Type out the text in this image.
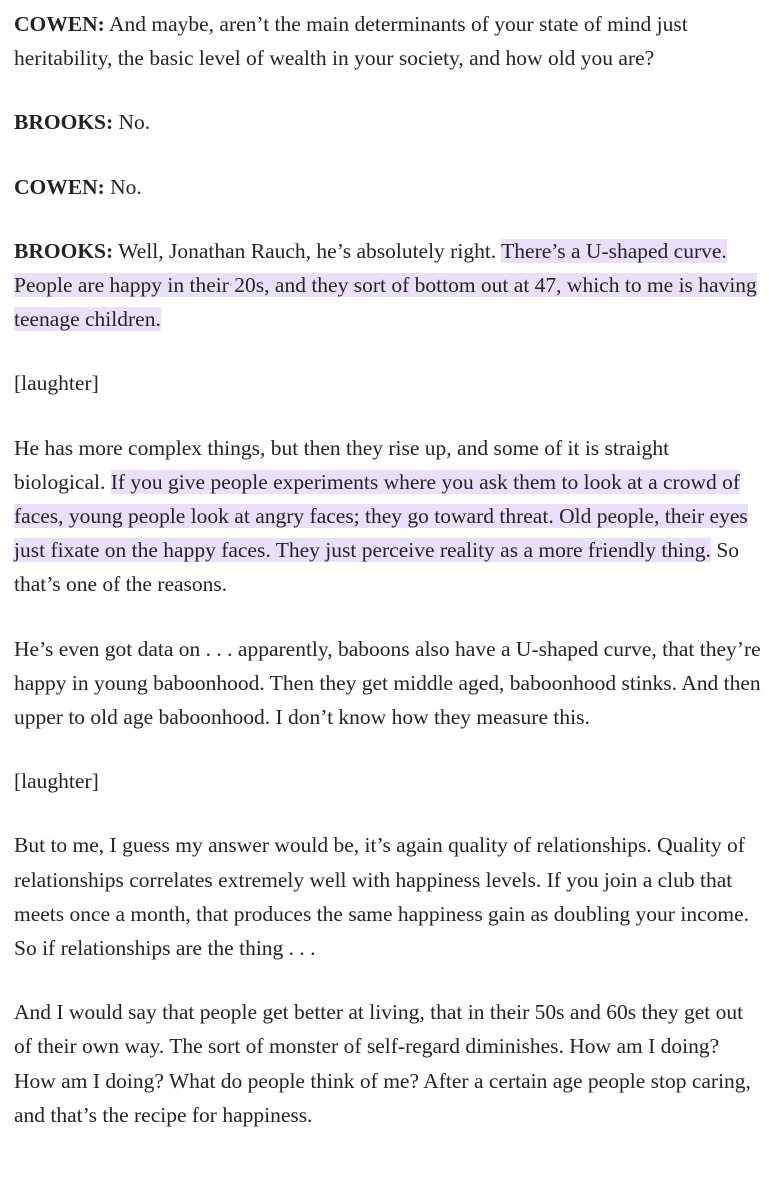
COWEN: And maybe, aren’t the main determinants of your state of mind just heritability, the basic level of wealth in your society, and how old you are?

BROOKS: No.

COWEN: No.

BROOKS: Well, Jonathan Rauch, he’s absolutely right. There’s a U-shaped curve. People are happy in their 20s, and they sort of bottom out at 47, which to me is having teenage children.

[laughter]

He has more complex things, but then they rise up, and some of it is straight biological. If you give people experiments where you ask them to look at a crowd of faces, young people look at angry faces; they go toward threat. Old people, their eyes just fixate on the happy faces. They just perceive reality as a more friendly thing. So that’s one of the reasons.

He’s even got data on . . . apparently, baboons also have a U-shaped curve, that they’re happy in young baboonhood. Then they get middle aged, baboonhood stinks. And then upper to old age baboonhood. I don’t know how they measure this.

[laughter]

But to me, I guess my answer would be, it’s again quality of relationships. Quality of relationships correlates extremely well with happiness levels. If you join a club that meets once a month, that produces the same happiness gain as doubling your income. So if relationships are the thing . . .

And I would say that people get better at living, that in their 50s and 60s they get out of their own way. The sort of monster of self-regard diminishes. How am I doing? How am I doing? What do people think of me? After a certain age people stop caring, and that’s the recipe for happiness.
